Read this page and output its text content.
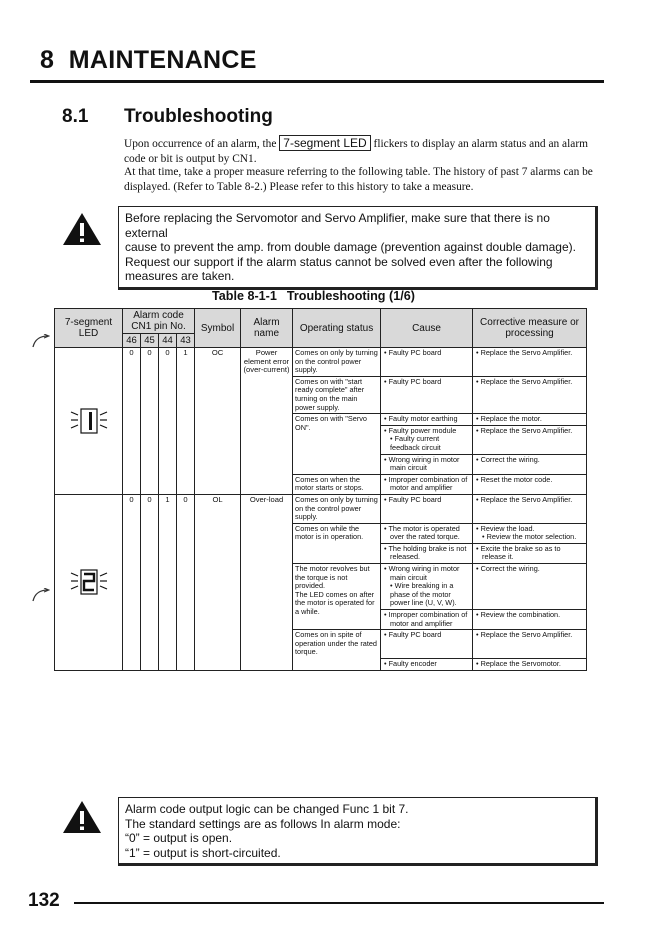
8 MAINTENANCE
8.1 Troubleshooting
Upon occurrence of an alarm, the 7-segment LED flickers to display an alarm status and an alarm code or bit is output by CN1.
At that time, take a proper measure referring to the following table. The history of past 7 alarms can be displayed. (Refer to Table 8-2.) Please refer to this history to take a measure.
Before replacing the Servomotor and Servo Amplifier, make sure that there is no external
cause to prevent the amp. from double damage (prevention against double damage).
Request our support if the alarm status cannot be solved even after the following
measures are taken.
Table 8-1-1 Troubleshooting (1/6)
7-segment LED	Alarm code CN1 pin No.				Symbol	Alarm name	Operating status	Cause	Corrective measure or processing
	46	45	44	43					

	0	0	0	1	OC	Power element error (over-current)	Comes on only by turning on the control power supply.	• Faulty PC board	• Replace the Servo Amplifier.
							Comes on with "start ready complete" after turning on the main power supply.	• Faulty PC board	• Replace the Servo Amplifier.
							Comes on with "Servo ON".	• Faulty motor earthing	• Replace the motor.
								• Faulty power module
• Faulty current feedback circuit	• Replace the Servo Amplifier.
								• Wrong wiring in motor main circuit	• Correct the wiring.
							Comes on when the motor starts or stops.	• Improper combination of motor and amplifier	• Reset the motor code.

	0	0	1	0	OL	Over-load	Comes on only by turning on the control power supply.	• Faulty PC board	• Replace the Servo Amplifier.
							Comes on while the motor is in operation.	• The motor is operated over the rated torque.	• Review the load.
• Review the motor selection.
								• The holding brake is not released.	• Excite the brake so as to release it.
							The motor revolves but the torque is not provided.
The LED comes on after the motor is operated for a while.	• Wrong wiring in motor main circuit
• Wire breaking in a phase of the motor power line (U, V, W).	• Correct the wiring.
								• Improper combination of motor and amplifier	• Review the combination.
							Comes on in spite of operation under the rated torque.	• Faulty PC board	• Replace the Servo Amplifier.
								• Faulty encoder	• Replace the Servomotor.
Alarm code output logic can be changed Func 1 bit 7.
The standard settings are as follows In alarm mode:
“0” = output is open.
“1” = output is short-circuited.
132
